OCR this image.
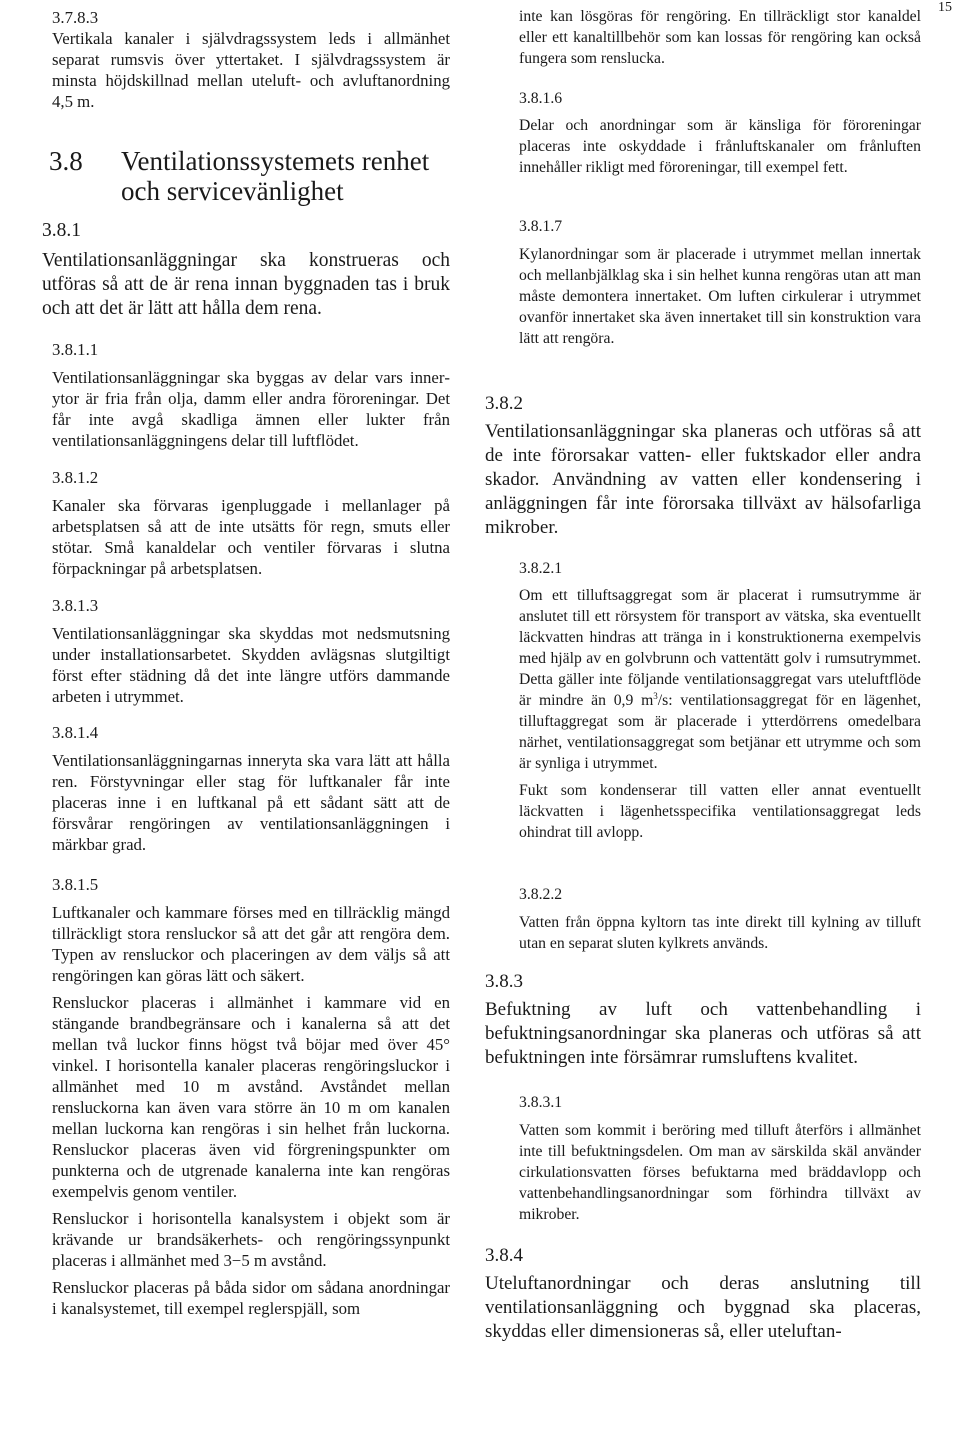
15
3.7.8.3

Vertikala kanaler i självdragssystem leds i allmänhet separat rumsvis över yttertaket. I självdragssystem är minsta höjdskillnad mellan uteluft- och avluftanordning 4,5 m.

3.8	Ventilationssystemets renhet och servicevänlighet
3.8.1

Ventilationsanläggningar ska konstrueras och utföras så att de är rena innan byggnaden tas i bruk och att det är lätt att hålla dem rena.

3.8.1.1

Ventilationsanläggningar ska byggas av delar vars innerytor är fria från olja, damm eller andra föroreningar. Det får inte avgå skadliga ämnen eller lukter från ventilationsanläggningens delar till luftflödet.

3.8.1.2

Kanaler ska förvaras igenpluggade i mellanlager på arbetsplatsen så att de inte utsätts för regn, smuts eller stötar. Små kanaldelar och ventiler förvaras i slutna förpackningar på arbetsplatsen.

3.8.1.3

Ventilationsanläggningar ska skyddas mot nedsmutsning under installationsarbetet. Skydden avlägsnas slutgiltigt först efter städning då det inte längre utförs dammande arbeten i utrymmet.

3.8.1.4

Ventilationsanläggningarnas inneryta ska vara lätt att hålla ren. Förstyvningar eller stag för luftkanaler får inte placeras inne i en luftkanal på ett sådant sätt att de försvårar rengöringen av ventilationsanläggningen i märkbar grad.

3.8.1.5

Luftkanaler och kammare förses med en tillräcklig mängd tillräckligt stora rensluckor så att det går att rengöra dem. Typen av rensluckor och placeringen av dem väljs så att rengöringen kan göras lätt och säkert.

Rensluckor placeras i allmänhet i kammare vid en stängande brandbegränsare och i kanalerna så att det mellan två luckor finns högst två böjar med över 45° vinkel. I horisontella kanaler placeras rengöringsluckor i allmänhet med 10 m avstånd. Avståndet mellan rensluckorna kan även vara större än 10 m om kanalen mellan luckorna kan rengöras i sin helhet från luckorna. Rensluckor placeras även vid förgreningspunkter om punkterna och de utgrenade kanalerna inte kan rengöras exempelvis genom ventiler.

Rensluckor i horisontella kanalsystem i objekt som är krävande ur brandsäkerhets- och rengöringssynpunkt placeras i allmänhet med 3−5 m avstånd.

Rensluckor placeras på båda sidor om sådana anordningar i kanalsystemet, till exempel reglerspjäll, som

inte kan lösgöras för rengöring. En tillräckligt stor kanaldel eller ett kanaltillbehör som kan lossas för rengöring kan också fungera som renslucka.

3.8.1.6

Delar och anordningar som är känsliga för föroreningar placeras inte oskyddade i frånluftskanaler om frånluften innehåller rikligt med föroreningar, till exempel fett.

3.8.1.7

Kylanordningar som är placerade i utrymmet mellan innertak och mellanbjälklag ska i sin helhet kunna rengöras utan att man måste demontera innertaket. Om luften cirkulerar i utrymmet ovanför innertaket ska även innertaket till sin konstruktion vara lätt att rengöra.

3.8.2

Ventilationsanläggningar ska planeras och utföras så att de inte förorsakar vatten- eller fuktskador eller andra skador. Användning av vatten eller kondensering i anläggningen får inte förorsaka tillväxt av hälsofarliga mikrober.

3.8.2.1

Om ett tilluftsaggregat som är placerat i rumsutrymme är anslutet till ett rörsystem för transport av vätska, ska eventuellt läckvatten hindras att tränga in i konstruktionerna exempelvis med hjälp av en golvbrunn och vattentätt golv i rumsutrymmet. Detta gäller inte följande ventilationsaggregat vars uteluftflöde är mindre än 0,9 $m^3/s$: ventilationsaggregat för en lägenhet, tilluftaggregat som är placerade i ytterdörrens omedelbara närhet, ventilationsaggregat som betjänar ett utrymme och som är synliga i utrymmet.

Fukt som kondenserar till vatten eller annat eventuellt läckvatten i lägenhetsspecifika ventilationsaggregat leds ohindrat till avlopp.

3.8.2.2

Vatten från öppna kyltorn tas inte direkt till kylning av tilluft utan en separat sluten kylkrets används.

3.8.3

Befuktning av luft och vattenbehandling i befuktningsanordningar ska planeras och utföras så att befuktningen inte försämrar rumsluftens kvalitet.

3.8.3.1

Vatten som kommit i beröring med tilluft återförs i allmänhet inte till befuktningsdelen. Om man av särskilda skäl använder cirkulationsvatten förses befuktarna med bräddavlopp och vattenbehandlingsanordningar som förhindra tillväxt av mikrober.

3.8.4

Uteluftanordningar och deras anslutning till ventilationsanläggning och byggnad ska placeras, skyddas eller dimensioneras så, eller uteluftan-
